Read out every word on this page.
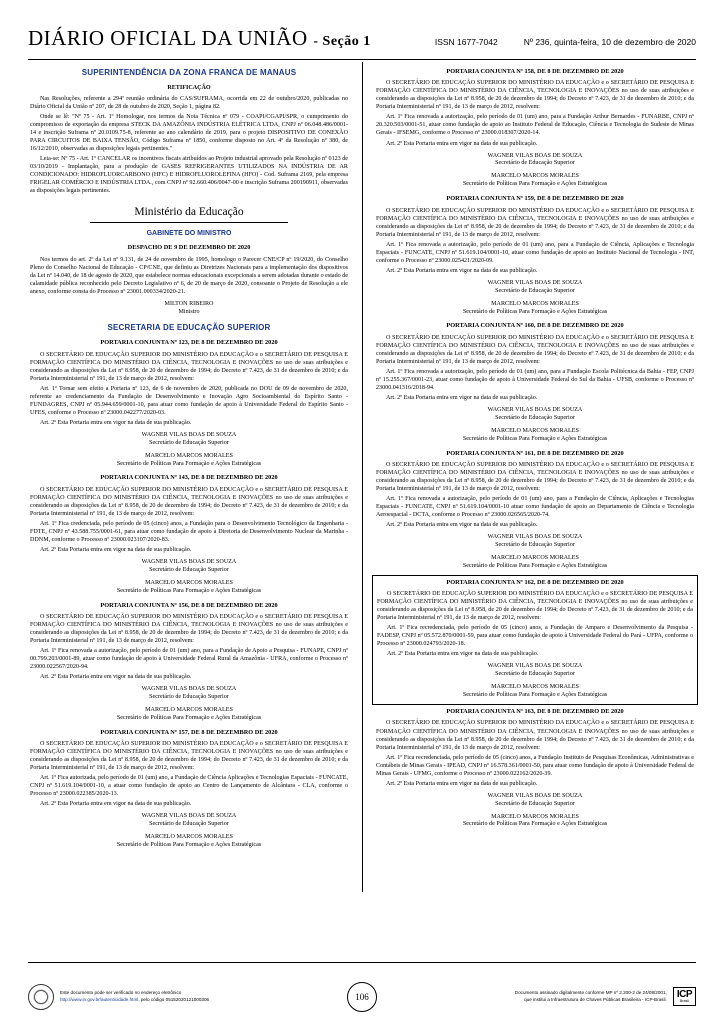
DIÁRIO OFICIAL DA UNIÃO - Seção 1	ISSN 1677-7042	Nº 236, quinta-feira, 10 de dezembro de 2020
SUPERINTENDÊNCIA DA ZONA FRANCA DE MANAUS
RETIFICAÇÃO

Nas Resoluções, referente a 294ª reunião ordinária do CAS/SUFRAMA, ocorrida em 22 de outubro/2020, publicadas no Diário Oficial da União nº 207, de 28 de outubro de 2020, Seção 1, página 82.

Onde se lê: "Nº 75 - Art. 1º Homologar, nos termos da Nota Técnica nº 079 - COAPI/CGAPI/SPR, o cumprimento do compromisso de exportação da empresa STECK DA AMAZÔNIA INDÚSTRIA ELÉTRICA LTDA, CNPJ nº 06.048.486/0001-14 e inscrição Suframa nº 20.0109.75-8, referente ao ano calendário de 2019, para o projeto DISPOSITIVO DE CONEXÃO PARA CIRCUITOS DE BAIXA TENSÃO, Código Suframa nº 1850, conforme disposto no Art. 4º da Resolução nº 380, de 16/12/2010, observadas as disposições legais pertinentes."

Leia-se: Nº 75 - Art. 1º CANCELAR os incentivos fiscais atribuídos ao Projeto industrial aprovado pela Resolução nº 0123 de 03/10/2019 - Implantação, para a produção de GASES REFRIGERANTES UTILIZADOS NA INDÚSTRIA DE AR CONDICIONADO: HIDROFLUORCARBONO (HFC) E HIDROFLUOROLEFINA (HFO) - Cod. Suframa 2169, pela empresa FRIGELAR COMÉRCIO E INDÚSTRIA LTDA., com CNPJ nº 92.660.406/0047-00 e inscrição Suframa 200190911, observadas as disposições legais pertinentes.

Ministério da Educação
GABINETE DO MINISTRO
DESPACHO DE 9 DE DEZEMBRO DE 2020

Nos termos do art. 2º da Lei nº 9.131, de 24 de novembro de 1995, homologo o Parecer CNE/CP nº 19/2020, do Conselho Pleno do Conselho Nacional de Educação - CP/CNE, que definiu as Diretrizes Nacionais para a implementação dos dispositivos da Lei nº 14.040, de 18 de agosto de 2020, que estabelece normas educacionais excepcionais a serem adotadas durante o estado de calamidade pública reconhecido pelo Decreto Legislativo nº 6, de 20 de março de 2020, consoante o Projeto de Resolução a ele anexo, conforme consta do Processo nº 23001.000334/2020-21.

MILTON RIBEIRO
Ministro
SECRETARIA DE EDUCAÇÃO SUPERIOR
PORTARIA CONJUNTA Nº 123, DE 8 DE DEZEMBRO DE 2020

O SECRETÁRIO DE EDUCAÇÃO SUPERIOR DO MINISTÉRIO DA EDUCAÇÃO e o SECRETÁRIO DE PESQUISA E FORMAÇÃO CIENTÍFICA DO MINISTÉRIO DA CIÊNCIA, TECNOLOGIA E INOVAÇÕES no uso de suas atribuições e considerando as disposições da Lei nº 8.958, de 20 de dezembro de 1994; do Decreto nº 7.423, de 31 de dezembro de 2010; e da Portaria Interministerial nº 191, de 13 de março de 2012, resolvem:

Art. 1º Tornar sem efeito a Portaria nº 123, de 6 de novembro de 2020, publicada no DOU de 09 de novembro de 2020, referente ao credenciamento da Fundação de Desenvolvimento e Inovação Agro Socioambiental do Espírito Santo - FUNDAGRES, CNPJ nº 05.944.659/0001-10, para atuar como fundação de apoio à Universidade Federal do Espírito Santo - UFES, conforme o Processo nº 23000.042277/2020-03.

Art. 2º Esta Portaria entra em vigor na data de sua publicação.

WAGNER VILAS BOAS DE SOUZA
Secretário de Educação Superior
MARCELO MARCOS MORALES
Secretário de Políticas Para Formação e Ações Estratégicas
PORTARIA CONJUNTA Nº 143, DE 8 DE DEZEMBRO DE 2020

O SECRETÁRIO DE EDUCAÇÃO SUPERIOR DO MINISTÉRIO DA EDUCAÇÃO e o SECRETÁRIO DE PESQUISA E FORMAÇÃO CIENTÍFICA DO MINISTÉRIO DA CIÊNCIA, TECNOLOGIA E INOVAÇÕES no uso de suas atribuições e considerando as disposições da Lei nº 8.958, de 20 de dezembro de 1994; do Decreto nº 7.423, de 31 de dezembro de 2010; e da Portaria Interministerial nº 191, de 13 de março de 2012, resolvem:

Art. 1º Fica credenciada, pelo período de 05 (cinco) anos, a Fundação para o Desenvolvimento Tecnológico da Engenharia - FDTE, CNPJ nº 43.588.755/0001-61, para atuar como fundação de apoio à Diretoria de Desenvolvimento Nuclear da Marinha - DDNM, conforme o Processo nº 23000.023107/2020-83.

Art. 2º Esta Portaria entra em vigor na data de sua publicação.

WAGNER VILAS BOAS DE SOUZA
Secretário de Educação Superior
MARCELO MARCOS MORALES
Secretário de Políticas Para Formação e Ações Estratégicas
PORTARIA CONJUNTA Nº 156, DE 8 DE DEZEMBRO DE 2020

O SECRETÁRIO DE EDUCAÇÃO SUPERIOR DO MINISTÉRIO DA EDUCAÇÃO e o SECRETÁRIO DE PESQUISA E FORMAÇÃO CIENTÍFICA DO MINISTÉRIO DA CIÊNCIA, TECNOLOGIA E INOVAÇÕES no uso de suas atribuições e considerando as disposições da Lei nº 8.958, de 20 de dezembro de 1994; do Decreto nº 7.423, de 31 de dezembro de 2010; e da Portaria Interministerial nº 191, de 13 de março de 2012, resolvem:

Art. 1º Fica renovada a autorização, pelo período de 01 (um) ano, para a Fundação de Apoio a Pesquisa - FUNAPE, CNPJ nº 00.799.203/0001-89, atuar como fundação de apoio à Universidade Federal Rural da Amazônia - UFRA, conforme o Processo nº 23000.022567/2020-94.

Art. 2º Esta Portaria entra em vigor na data de sua publicação.

WAGNER VILAS BOAS DE SOUZA
Secretário de Educação Superior
MARCELO MARCOS MORALES
Secretário de Políticas Para Formação e Ações Estratégicas
PORTARIA CONJUNTA Nº 157, DE 8 DE DEZEMBRO DE 2020

O SECRETÁRIO DE EDUCAÇÃO SUPERIOR DO MINISTÉRIO DA EDUCAÇÃO e o SECRETÁRIO DE PESQUISA E FORMAÇÃO CIENTÍFICA DO MINISTÉRIO DA CIÊNCIA, TECNOLOGIA E INOVAÇÕES no uso de suas atribuições e considerando as disposições da Lei nº 8.958, de 20 de dezembro de 1994; do Decreto nº 7.423, de 31 de dezembro de 2010; e da Portaria Interministerial nº 191, de 13 de março de 2012, resolvem:

Art. 1º Fica autorizada, pelo período de 01 (um) ano, a Fundação de Ciência Aplicações e Tecnologias Espaciais - FUNCATE, CNPJ nº 51.619.104/0001-10, a atuar como fundação de apoio ao Centro de Lançamento de Alcântara - CLA, conforme o Processo nº 23000.022385/2020-13.

Art. 2º Esta Portaria entra em vigor na data de sua publicação.

WAGNER VILAS BOAS DE SOUZA
Secretário de Educação Superior
MARCELO MARCOS MORALES
Secretário de Políticas Para Formação e Ações Estratégicas
PORTARIA CONJUNTA Nº 158, DE 8 DE DEZEMBRO DE 2020

O SECRETÁRIO DE EDUCAÇÃO SUPERIOR DO MINISTÉRIO DA EDUCAÇÃO e o SECRETÁRIO DE PESQUISA E FORMAÇÃO CIENTÍFICA DO MINISTÉRIO DA CIÊNCIA, TECNOLOGIA E INOVAÇÕES no uso de suas atribuições e considerando as disposições da Lei nº 8.958, de 20 de dezembro de 1994; do Decreto nº 7.423, de 31 de dezembro de 2010; e da Portaria Interministerial nº 191, de 13 de março de 2012, resolvem:

Art. 1º Fica renovada a autorização, pelo período de 01 (um) ano, para a Fundação Arthur Bernardes - FUNARBE, CNPJ nº 20.320.503/0001-51, atuar como fundação de apoio ao Instituto Federal de Educação, Ciência e Tecnologia do Sudeste de Minas Gerais - IFSEMG, conforme o Processo nº 23000.018307/2020-14.

Art. 2º Esta Portaria entra em vigor na data de sua publicação.

WAGNER VILAS BOAS DE SOUZA
Secretário de Educação Superior
MARCELO MARCOS MORALES
Secretário de Políticas Para Formação e Ações Estratégicas
PORTARIA CONJUNTA Nº 159, DE 8 DE DEZEMBRO DE 2020

O SECRETÁRIO DE EDUCAÇÃO SUPERIOR DO MINISTÉRIO DA EDUCAÇÃO e o SECRETÁRIO DE PESQUISA E FORMAÇÃO CIENTÍFICA DO MINISTÉRIO DA CIÊNCIA, TECNOLOGIA E INOVAÇÕES no uso de suas atribuições e considerando as disposições da Lei nº 8.958, de 20 de dezembro de 1994; do Decreto nº 7.423, de 31 de dezembro de 2010; e da Portaria Interministerial nº 191, de 13 de março de 2012, resolvem:

Art. 1º Fica renovada a autorização, pelo período de 01 (um) ano, para a Fundação de Ciência, Aplicações e Tecnologia Espaciais - FUNCATE, CNPJ nº 51.619.104/0001-10, atuar como fundação de apoio ao Instituto Nacional de Tecnologia - INT, conforme o Processo nº 23000.025421/2020-09.

Art. 2º Esta Portaria entra em vigor na data de sua publicação.

WAGNER VILAS BOAS DE SOUZA
Secretário de Educação Superior
MARCELO MARCOS MORALES
Secretário de Políticas Para Formação e Ações Estratégicas
PORTARIA CONJUNTA Nº 160, DE 8 DE DEZEMBRO DE 2020

O SECRETÁRIO DE EDUCAÇÃO SUPERIOR DO MINISTÉRIO DA EDUCAÇÃO e o SECRETÁRIO DE PESQUISA E FORMAÇÃO CIENTÍFICA DO MINISTÉRIO DA CIÊNCIA, TECNOLOGIA E INOVAÇÕES no uso de suas atribuições e considerando as disposições da Lei nº 8.958, de 20 de dezembro de 1994; do Decreto nº 7.423, de 31 de dezembro de 2010; e da Portaria Interministerial nº 191, de 13 de março de 2012, resolvem:

Art. 1º Fica renovada a autorização, pelo período de 01 (um) ano, para a Fundação Escola Politécnica da Bahia - FEP, CNPJ nº 15.255.367/0001-23, atuar como fundação de apoio à Universidade Federal do Sul da Bahia - UFSB, conforme o Processo nº 23000.041316/2018-94.

Art. 2º Esta Portaria entra em vigor na data de sua publicação.

WAGNER VILAS BOAS DE SOUZA
Secretário de Educação Superior
MARCELO MARCOS MORALES
Secretário de Políticas Para Formação e Ações Estratégicas
PORTARIA CONJUNTA Nº 161, DE 8 DE DEZEMBRO DE 2020

O SECRETÁRIO DE EDUCAÇÃO SUPERIOR DO MINISTÉRIO DA EDUCAÇÃO e o SECRETÁRIO DE PESQUISA E FORMAÇÃO CIENTÍFICA DO MINISTÉRIO DA CIÊNCIA, TECNOLOGIA E INOVAÇÕES no uso de suas atribuições e considerando as disposições da Lei nº 8.958, de 20 de dezembro de 1994; do Decreto nº 7.423, de 31 de dezembro de 2010; e da Portaria Interministerial nº 191, de 13 de março de 2012, resolvem:

Art. 1º Fica renovada a autorização, pelo período de 01 (um) ano, para a Fundação de Ciência, Aplicações e Tecnologias Espaciais - FUNCATE, CNPJ nº 51.619.104/0001-10 atuar como fundação de apoio ao Departamento de Ciência e Tecnologia Aeroespacial - DCTA, conforme o Processo nº 23000.026565/2020-74.

Art. 2º Esta Portaria entra em vigor na data de sua publicação.

WAGNER VILAS BOAS DE SOUZA
Secretário de Educação Superior
MARCELO MARCOS MORALES
Secretário de Políticas Para Formação e Ações Estratégicas
PORTARIA CONJUNTA Nº 162, DE 8 DE DEZEMBRO DE 2020

O SECRETÁRIO DE EDUCAÇÃO SUPERIOR DO MINISTÉRIO DA EDUCAÇÃO e o SECRETÁRIO DE PESQUISA E FORMAÇÃO CIENTÍFICA DO MINISTÉRIO DA CIÊNCIA, TECNOLOGIA E INOVAÇÕES no uso de suas atribuições e considerando as disposições da Lei nº 8.958, de 20 de dezembro de 1994; do Decreto nº 7.423, de 31 de dezembro de 2010; e da Portaria Interministerial nº 191, de 13 de março de 2012, resolvem:

Art. 1º Fica recredenciada, pelo período de 05 (cinco) anos, a Fundação de Amparo e Desenvolvimento da Pesquisa - FADESP, CNPJ nº 05.572.870/0001-59, para atuar como fundação de apoio à Universidade Federal do Pará - UFPA, conforme o Processo nº 23000.024793/2020-18.

Art. 2º Esta Portaria entra em vigor na data de sua publicação.

WAGNER VILAS BOAS DE SOUZA
Secretário de Educação Superior
MARCELO MARCOS MORALES
Secretário de Políticas Para Formação e Ações Estratégicas
PORTARIA CONJUNTA Nº 163, DE 8 DE DEZEMBRO DE 2020

O SECRETÁRIO DE EDUCAÇÃO SUPERIOR DO MINISTÉRIO DA EDUCAÇÃO e o SECRETÁRIO DE PESQUISA E FORMAÇÃO CIENTÍFICA DO MINISTÉRIO DA CIÊNCIA, TECNOLOGIA E INOVAÇÕES no uso de suas atribuições e considerando as disposições da Lei nº 8.958, de 20 de dezembro de 1994; do Decreto nº 7.423, de 31 de dezembro de 2010; e da Portaria Interministerial nº 191, de 13 de março de 2012, resolvem:

Art. 1º Fica recredenciada, pelo período de 05 (cinco) anos, a Fundação Instituto de Pesquisas Econômicas, Administrativas e Contábeis de Minas Gerais - IPEAD, CNPJ nº 16.578.361/0001-50, para atuar como fundação de apoio à Universidade Federal de Minas Gerais - UFMG, conforme o Processo nº 23000.022162/2020-39.

Art. 2º Esta Portaria entra em vigor na data de sua publicação.

WAGNER VILAS BOAS DE SOUZA
Secretário de Educação Superior
MARCELO MARCOS MORALES
Secretário de Políticas Para Formação e Ações Estratégicas
Este documento pode ser verificado no endereço eletrônico
http://www.in.gov.br/autenticidade.html, pelo código 05152020121000306	106	Documento assinado digitalmente conforme MP nº 2.200-2 de 24/08/2001,
que institui a Infraestrutura de Chaves Públicas Brasileira - ICP-Brasil. ICP
Brasil
